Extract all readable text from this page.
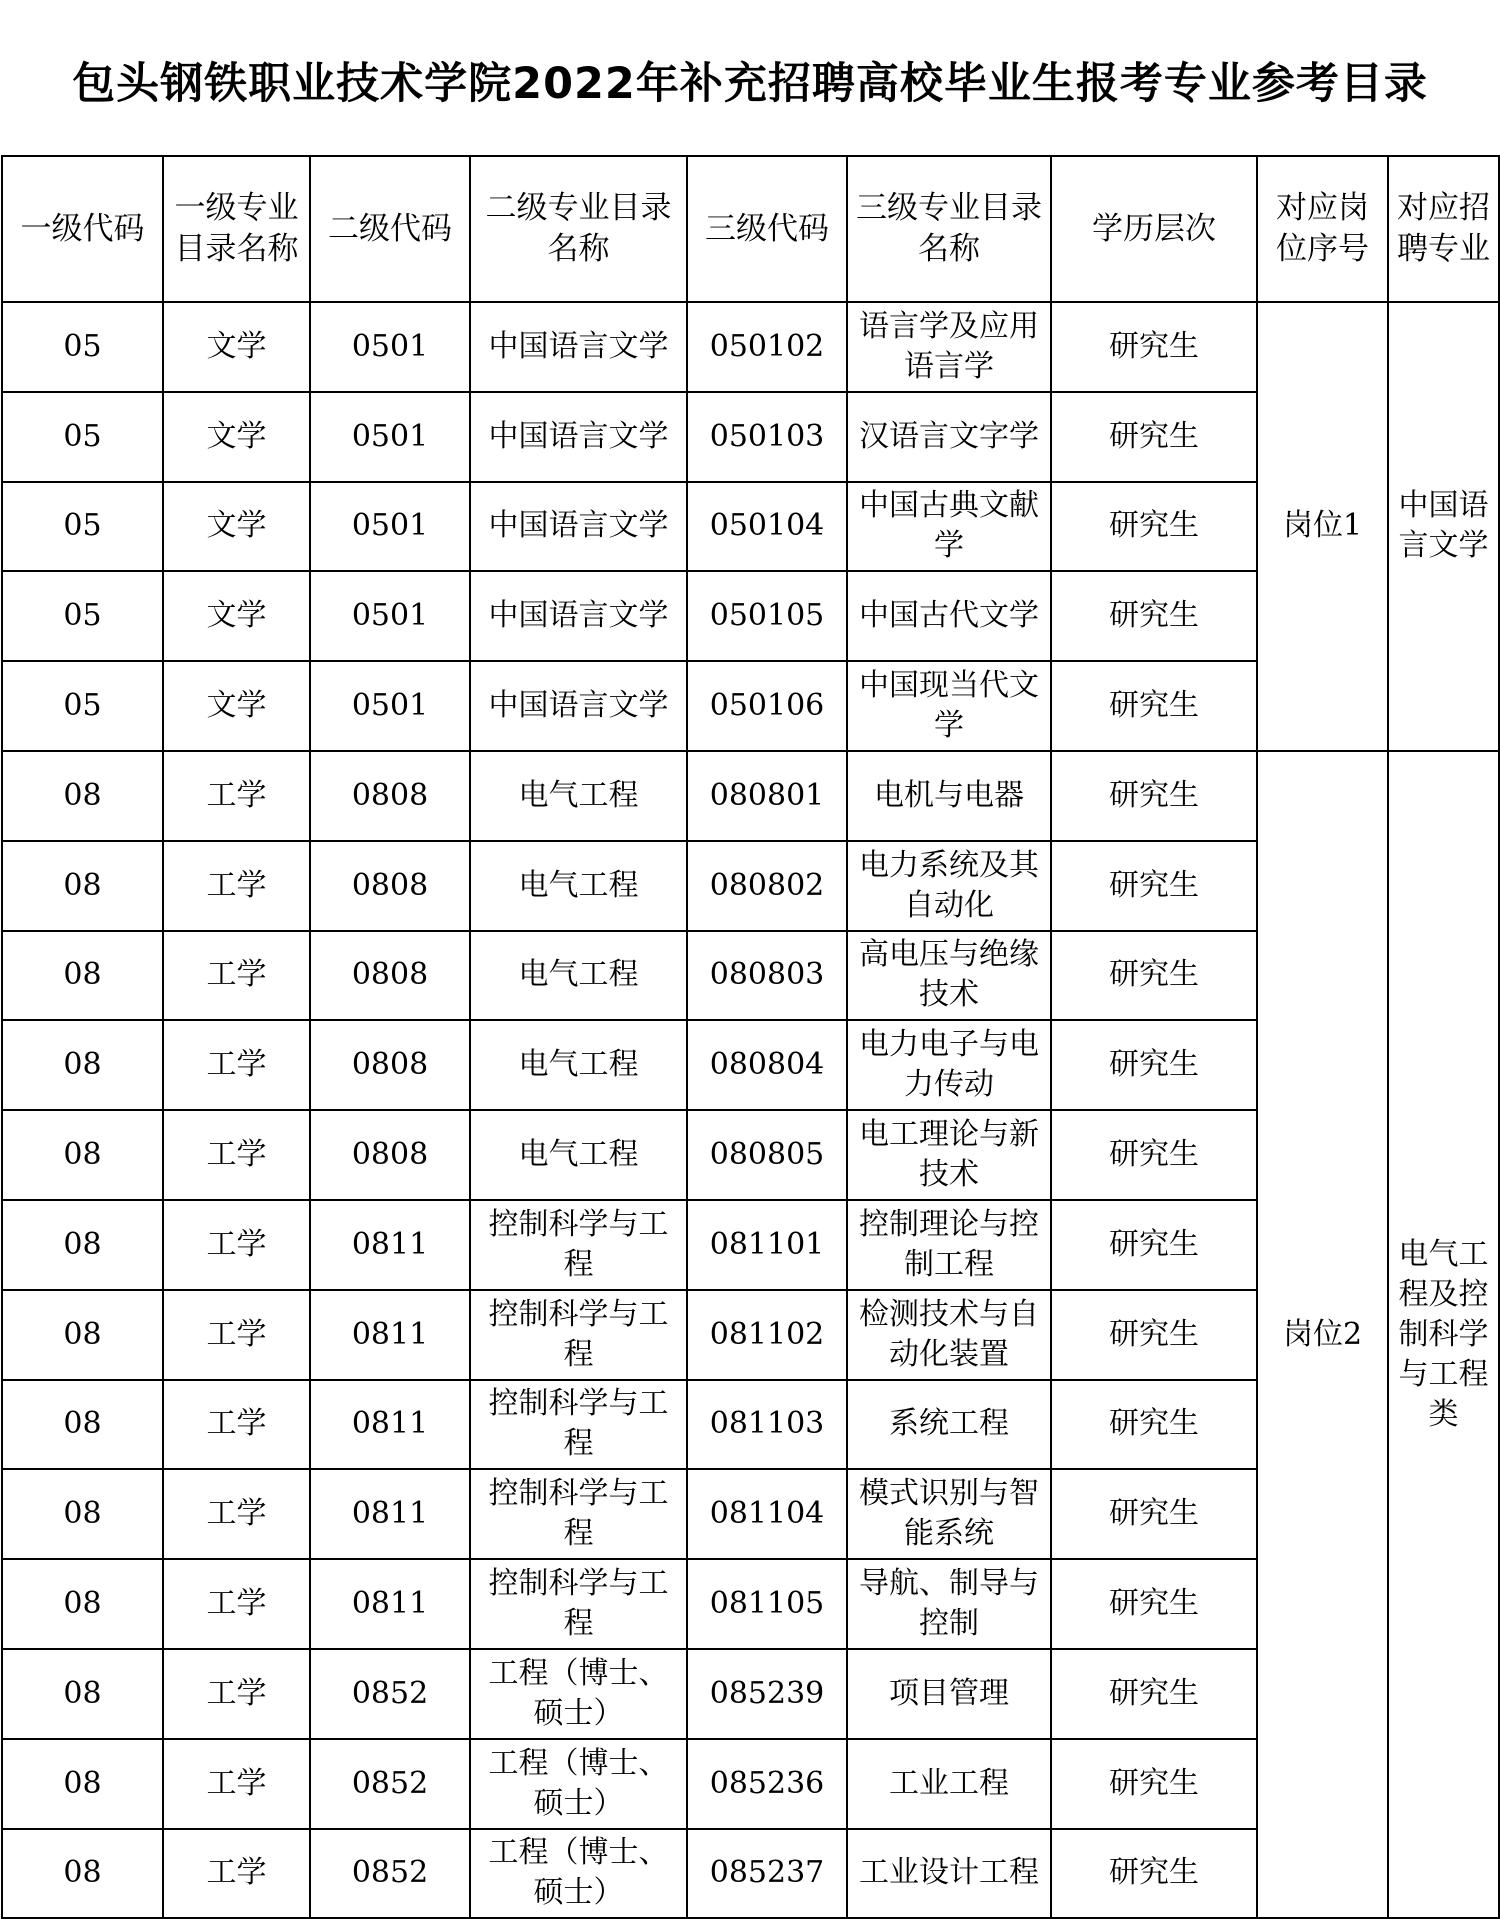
包头钢铁职业技术学院2022年补充招聘高校毕业生报考专业参考目录
一级代码	一级专业目录名称	二级代码	二级专业目录名称	三级代码	三级专业目录名称	学历层次	对应岗位序号	对应招聘专业
05	文学	0501	中国语言文学	050102	语言学及应用语言学	研究生	岗位1	中国语言文学
05	文学	0501	中国语言文学	050103	汉语言文字学	研究生		
05	文学	0501	中国语言文学	050104	中国古典文献学	研究生		
05	文学	0501	中国语言文学	050105	中国古代文学	研究生		
05	文学	0501	中国语言文学	050106	中国现当代文学	研究生		
08	工学	0808	电气工程	080801	电机与电器	研究生	岗位2	电气工程及控制科学与工程类
08	工学	0808	电气工程	080802	电力系统及其自动化	研究生		
08	工学	0808	电气工程	080803	高电压与绝缘技术	研究生		
08	工学	0808	电气工程	080804	电力电子与电力传动	研究生		
08	工学	0808	电气工程	080805	电工理论与新技术	研究生		
08	工学	0811	控制科学与工程	081101	控制理论与控制工程	研究生		
08	工学	0811	控制科学与工程	081102	检测技术与自动化装置	研究生		
08	工学	0811	控制科学与工程	081103	系统工程	研究生		
08	工学	0811	控制科学与工程	081104	模式识别与智能系统	研究生		
08	工学	0811	控制科学与工程	081105	导航、制导与控制	研究生		
08	工学	0852	工程（博士、硕士）	085239	项目管理	研究生		
08	工学	0852	工程（博士、硕士）	085236	工业工程	研究生		
08	工学	0852	工程（博士、硕士）	085237	工业设计工程	研究生		
